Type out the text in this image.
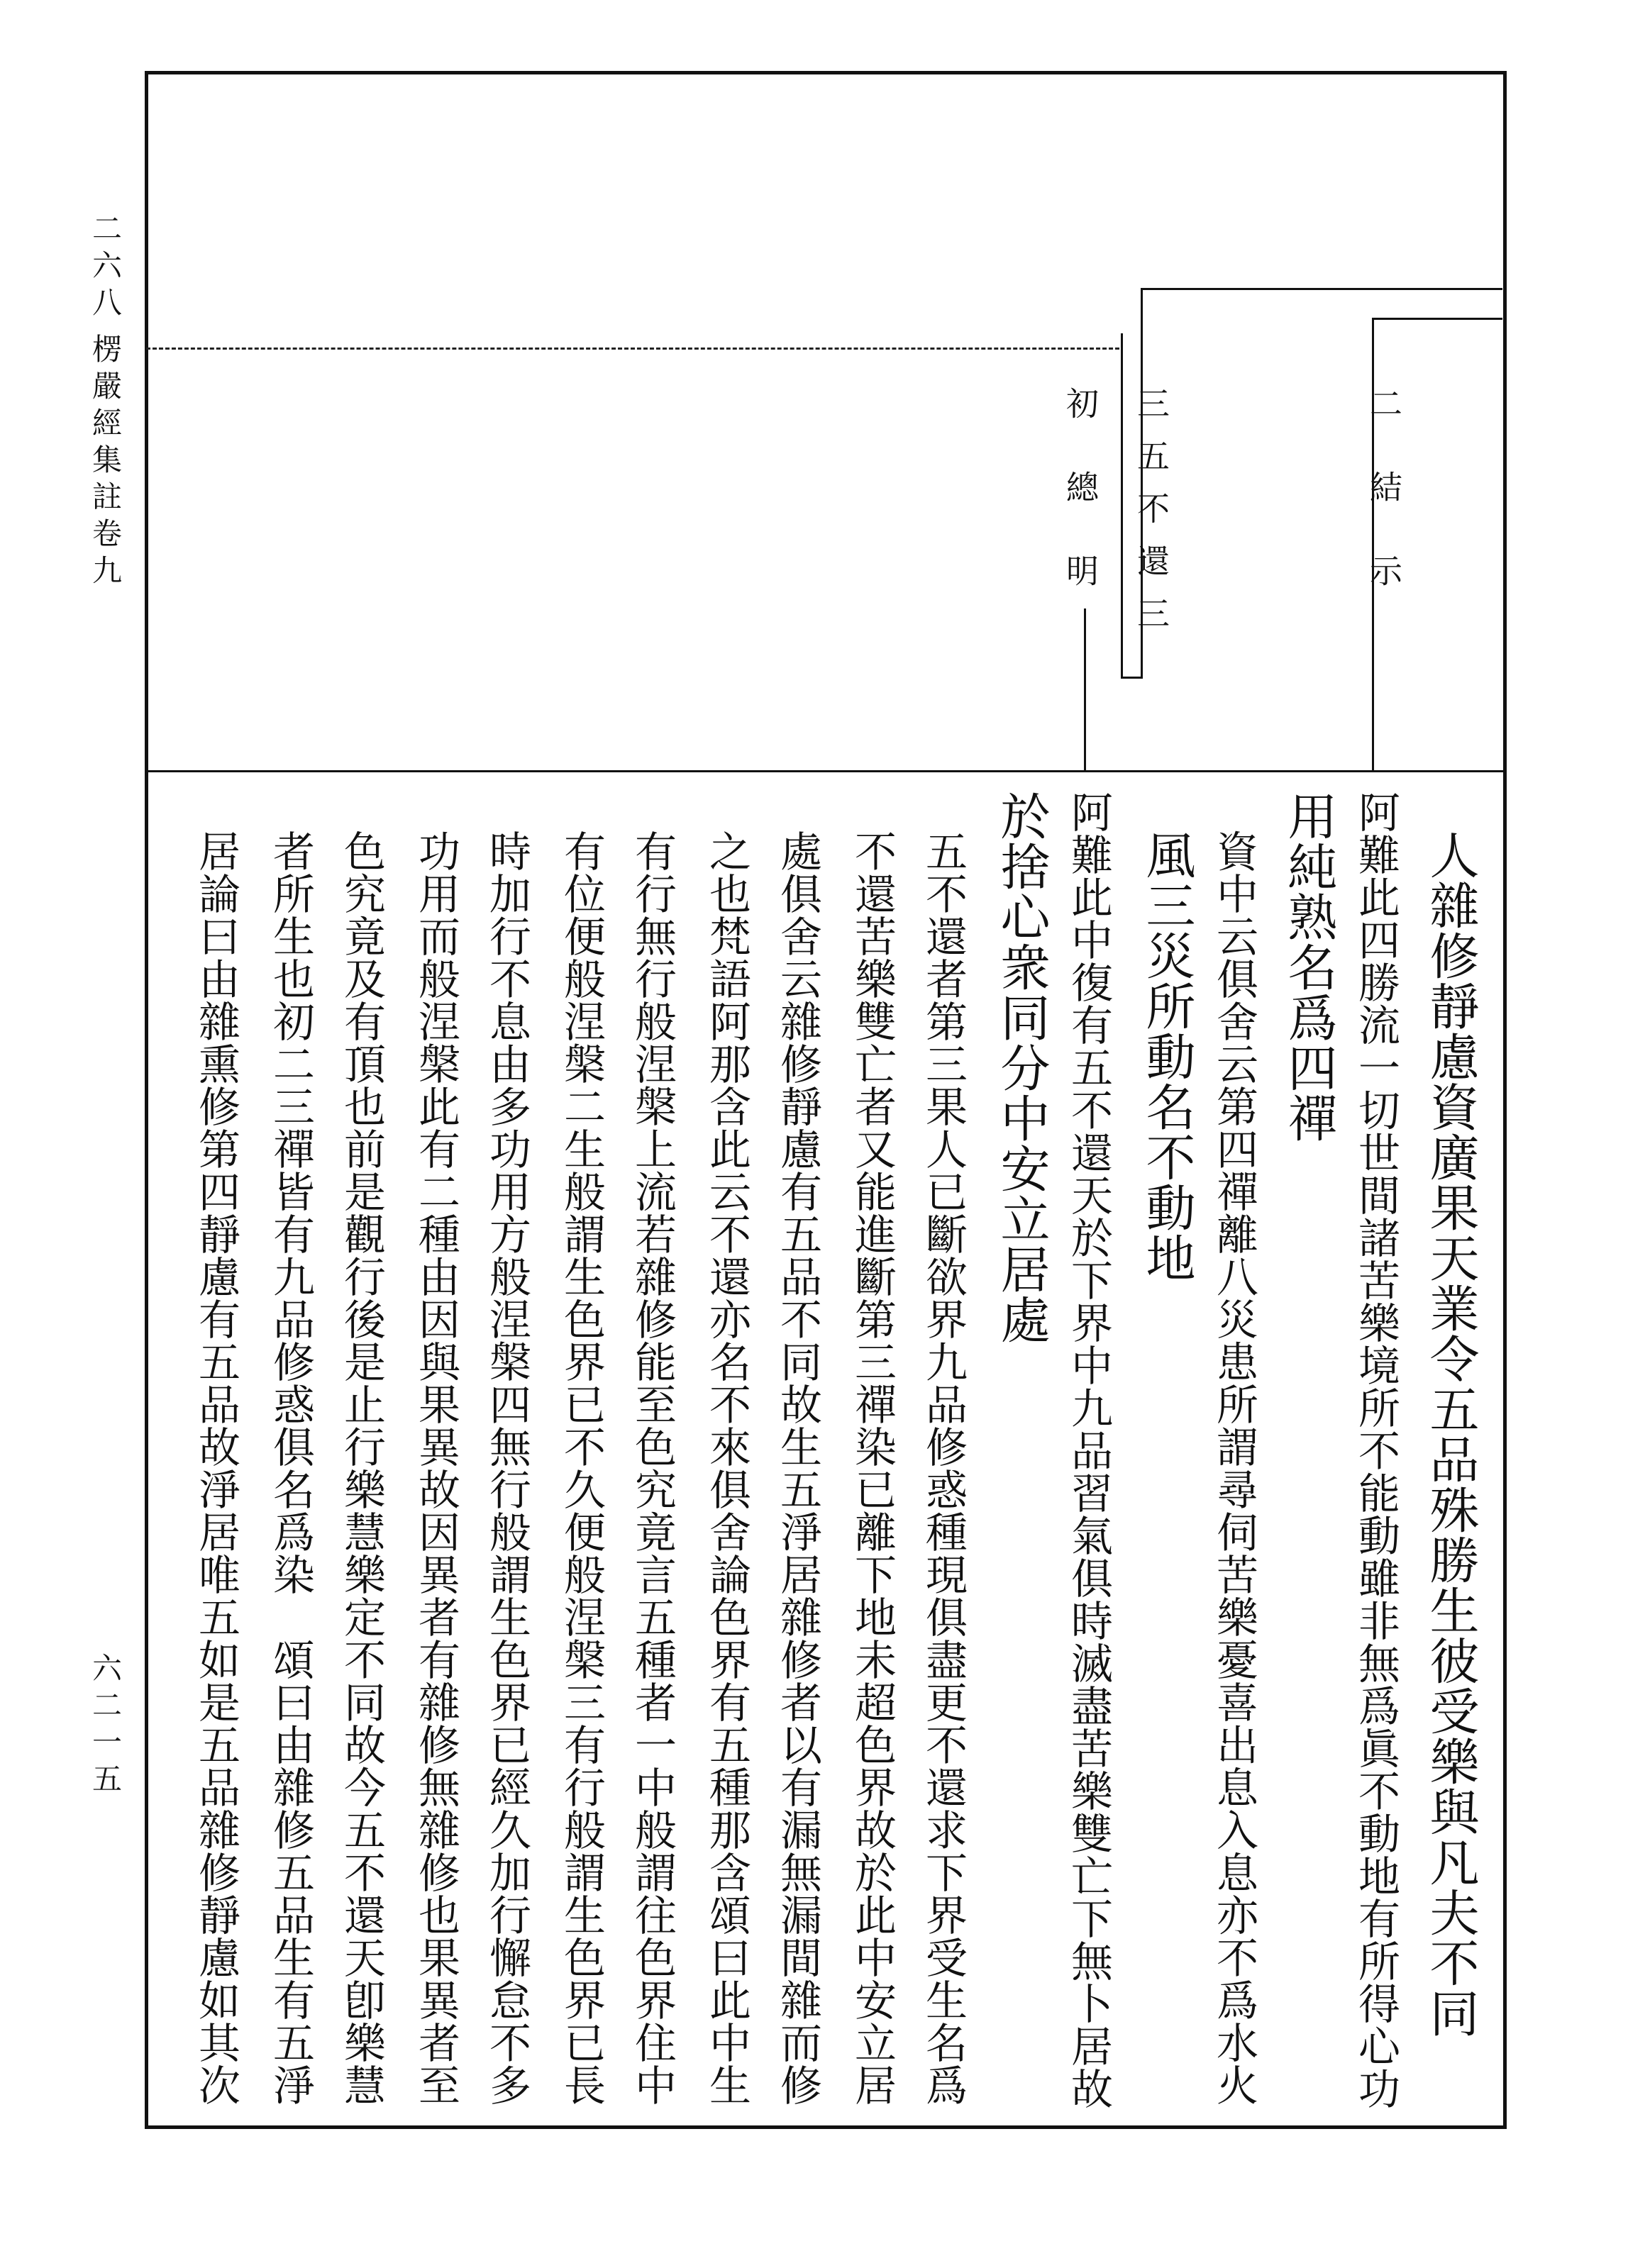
二六八
楞嚴經集註卷九
六二一五
二結示
三五不還三
初總明
人雜修靜慮資廣果天業令五品殊勝生彼受樂與凡夫不同
阿難此四勝流一切世間諸苦樂境所不能動雖非無爲眞不動地有所得心功
用純熟名爲四禪
資中云俱舍云第四禪離八災患所謂尋伺苦樂憂喜出息入息亦不爲水火
風三災所動名不動地
阿難此中復有五不還天於下界中九品習氣俱時滅盡苦樂雙亡下無卜居故
於捨心衆同分中安立居處
五不還者第三果人已斷欲界九品修惑種現俱盡更不還求下界受生名爲
不還苦樂雙亡者又能進斷第三禪染已離下地未超色界故於此中安立居
處俱舍云雜修靜慮有五品不同故生五淨居雜修者以有漏無漏間雜而修
之也梵語阿那含此云不還亦名不來俱舍論色界有五種那含頌曰此中生
有行無行般涅槃上流若雜修能至色究竟言五種者一中般謂往色界住中
有位便般涅槃二生般謂生色界已不久便般涅槃三有行般謂生色界已長
時加行不息由多功用方般涅槃四無行般謂生色界已經久加行懈怠不多
功用而般涅槃此有二種由因與果異故因異者有雜修無雜修也果異者至
色究竟及有頂也前是觀行後是止行樂慧樂定不同故今五不還天卽樂慧
者所生也初二三禪皆有九品修惑俱名爲染　頌曰由雜修五品生有五淨
居論曰由雜熏修第四靜慮有五品故淨居唯五如是五品雜修靜慮如其次
